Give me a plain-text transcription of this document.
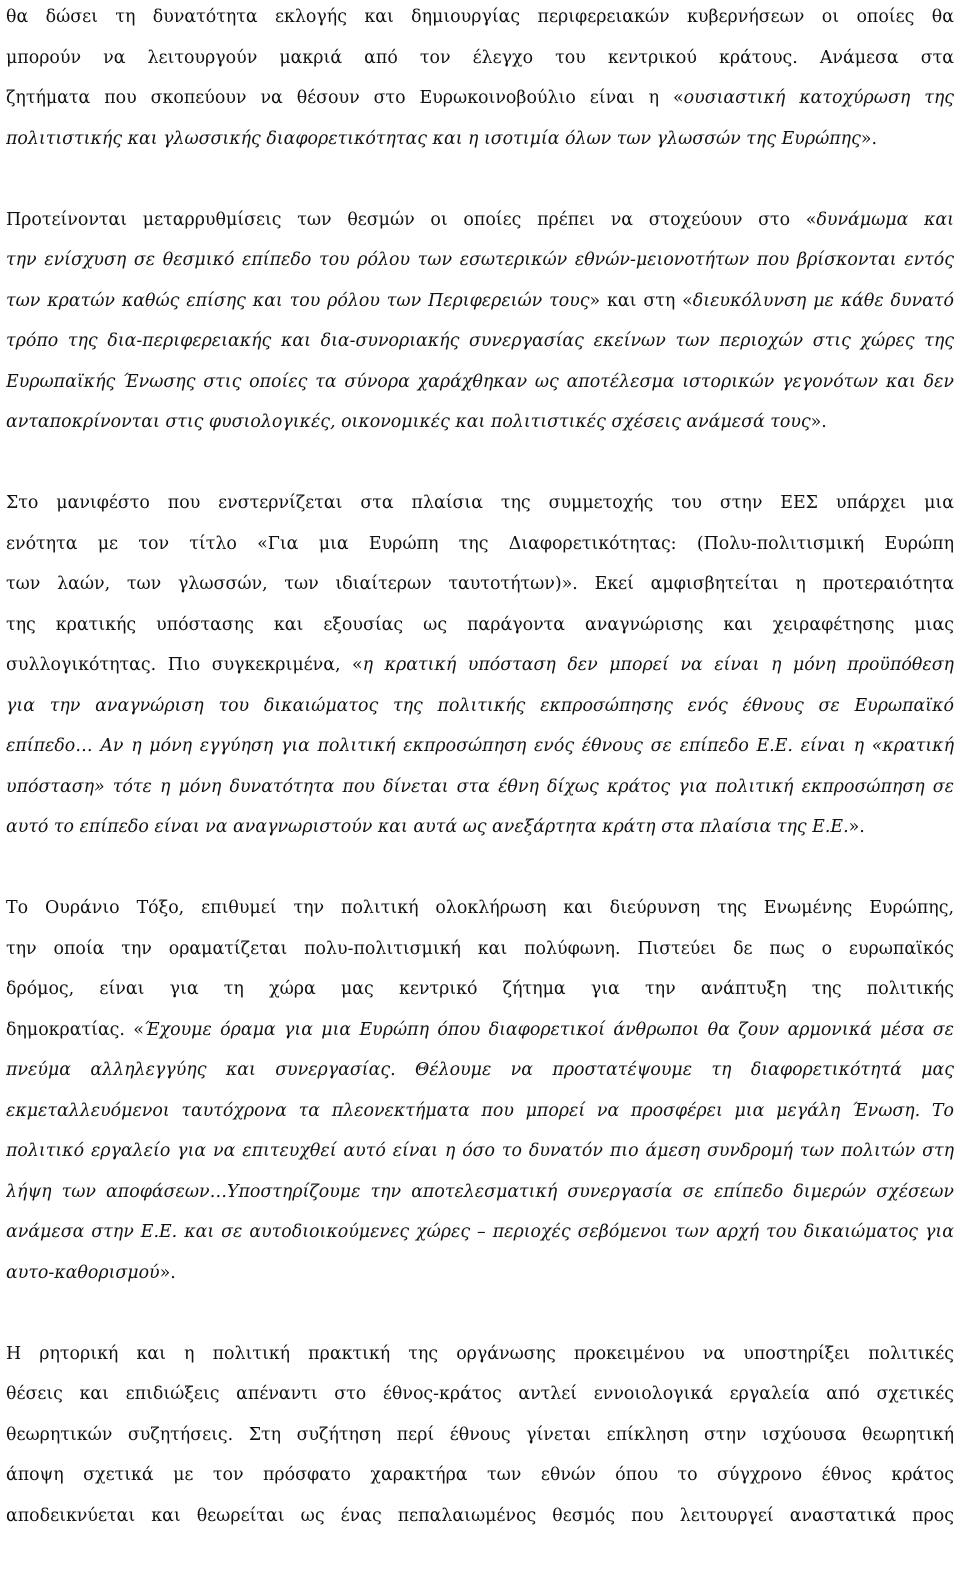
θα δώσει τη δυνατότητα εκλογής και δημιουργίας περιφερειακών κυβερνήσεων οι οποίες θα
μπορούν να λειτουργούν μακριά από τον έλεγχο του κεντρικού κράτους. Ανάμεσα στα
ζητήματα που σκοπεύουν να θέσουν στο Ευρωκοινοβούλιο είναι η «ουσιαστική κατοχύρωση της
πολιτιστικής και γλωσσικής διαφορετικότητας και η ισοτιμία όλων των γλωσσών της Ευρώπης».
Προτείνονται μεταρρυθμίσεις των θεσμών οι οποίες πρέπει να στοχεύουν στο «δυνάμωμα και
την ενίσχυση σε θεσμικό επίπεδο του ρόλου των εσωτερικών εθνών-μειονοτήτων που βρίσκονται εντός
των κρατών καθώς επίσης και του ρόλου των Περιφερειών τους» και στη «διευκόλυνση με κάθε δυνατό
τρόπο της δια-περιφερειακής και δια-συνοριακής συνεργασίας εκείνων των περιοχών στις χώρες της
Ευρωπαϊκής Ένωσης στις οποίες τα σύνορα χαράχθηκαν ως αποτέλεσμα ιστορικών γεγονότων και δεν
ανταποκρίνονται στις φυσιολογικές, οικονομικές και πολιτιστικές σχέσεις ανάμεσά τους».
Στο μανιφέστο που ενστερνίζεται στα πλαίσια της συμμετοχής του στην ΕΕΣ υπάρχει μια
ενότητα με τον τίτλο «Για μια Ευρώπη της Διαφορετικότητας: (Πολυ-πολιτισμική Ευρώπη
των λαών, των γλωσσών, των ιδιαίτερων ταυτοτήτων)». Εκεί αμφισβητείται η προτεραιότητα
της κρατικής υπόστασης και εξουσίας ως παράγοντα αναγνώρισης και χειραφέτησης μιας
συλλογικότητας. Πιο συγκεκριμένα, «η κρατική υπόσταση δεν μπορεί να είναι η μόνη προϋπόθεση
για την αναγνώριση του δικαιώματος της πολιτικής εκπροσώπησης ενός έθνους σε Ευρωπαϊκό
επίπεδο… Αν η μόνη εγγύηση για πολιτική εκπροσώπηση ενός έθνους σε επίπεδο Ε.Ε. είναι η «κρατική
υπόσταση» τότε η μόνη δυνατότητα που δίνεται στα έθνη δίχως κράτος για πολιτική εκπροσώπηση σε
αυτό το επίπεδο είναι να αναγνωριστούν και αυτά ως ανεξάρτητα κράτη στα πλαίσια της Ε.Ε.».
Το Ουράνιο Τόξο, επιθυμεί την πολιτική ολοκλήρωση και διεύρυνση της Ενωμένης Ευρώπης,
την οποία την οραματίζεται πολυ-πολιτισμική και πολύφωνη. Πιστεύει δε πως ο ευρωπαϊκός
δρόμος, είναι για τη χώρα μας κεντρικό ζήτημα για την ανάπτυξη της πολιτικής
δημοκρατίας. «Έχουμε όραμα για μια Ευρώπη όπου διαφορετικοί άνθρωποι θα ζουν αρμονικά μέσα σε
πνεύμα αλληλεγγύης και συνεργασίας. Θέλουμε να προστατέψουμε τη διαφορετικότητά μας
εκμεταλλευόμενοι ταυτόχρονα τα πλεονεκτήματα που μπορεί να προσφέρει μια μεγάλη Ένωση. Το
πολιτικό εργαλείο για να επιτευχθεί αυτό είναι η όσο το δυνατόν πιο άμεση συνδρομή των πολιτών στη
λήψη των αποφάσεων…Υποστηρίζουμε την αποτελεσματική συνεργασία σε επίπεδο διμερών σχέσεων
ανάμεσα στην Ε.Ε. και σε αυτοδιοικούμενες χώρες – περιοχές σεβόμενοι των αρχή του δικαιώματος για
αυτο-καθορισμού».
Η ρητορική και η πολιτική πρακτική της οργάνωσης προκειμένου να υποστηρίξει πολιτικές
θέσεις και επιδιώξεις απέναντι στο έθνος-κράτος αντλεί εννοιολογικά εργαλεία από σχετικές
θεωρητικών συζητήσεις. Στη συζήτηση περί έθνους γίνεται επίκληση στην ισχύουσα θεωρητική
άποψη σχετικά με τον πρόσφατο χαρακτήρα των εθνών όπου το σύγχρονο έθνος κράτος
αποδεικνύεται και θεωρείται ως ένας πεπαλαιωμένος θεσμός που λειτουργεί αναστατικά προς
